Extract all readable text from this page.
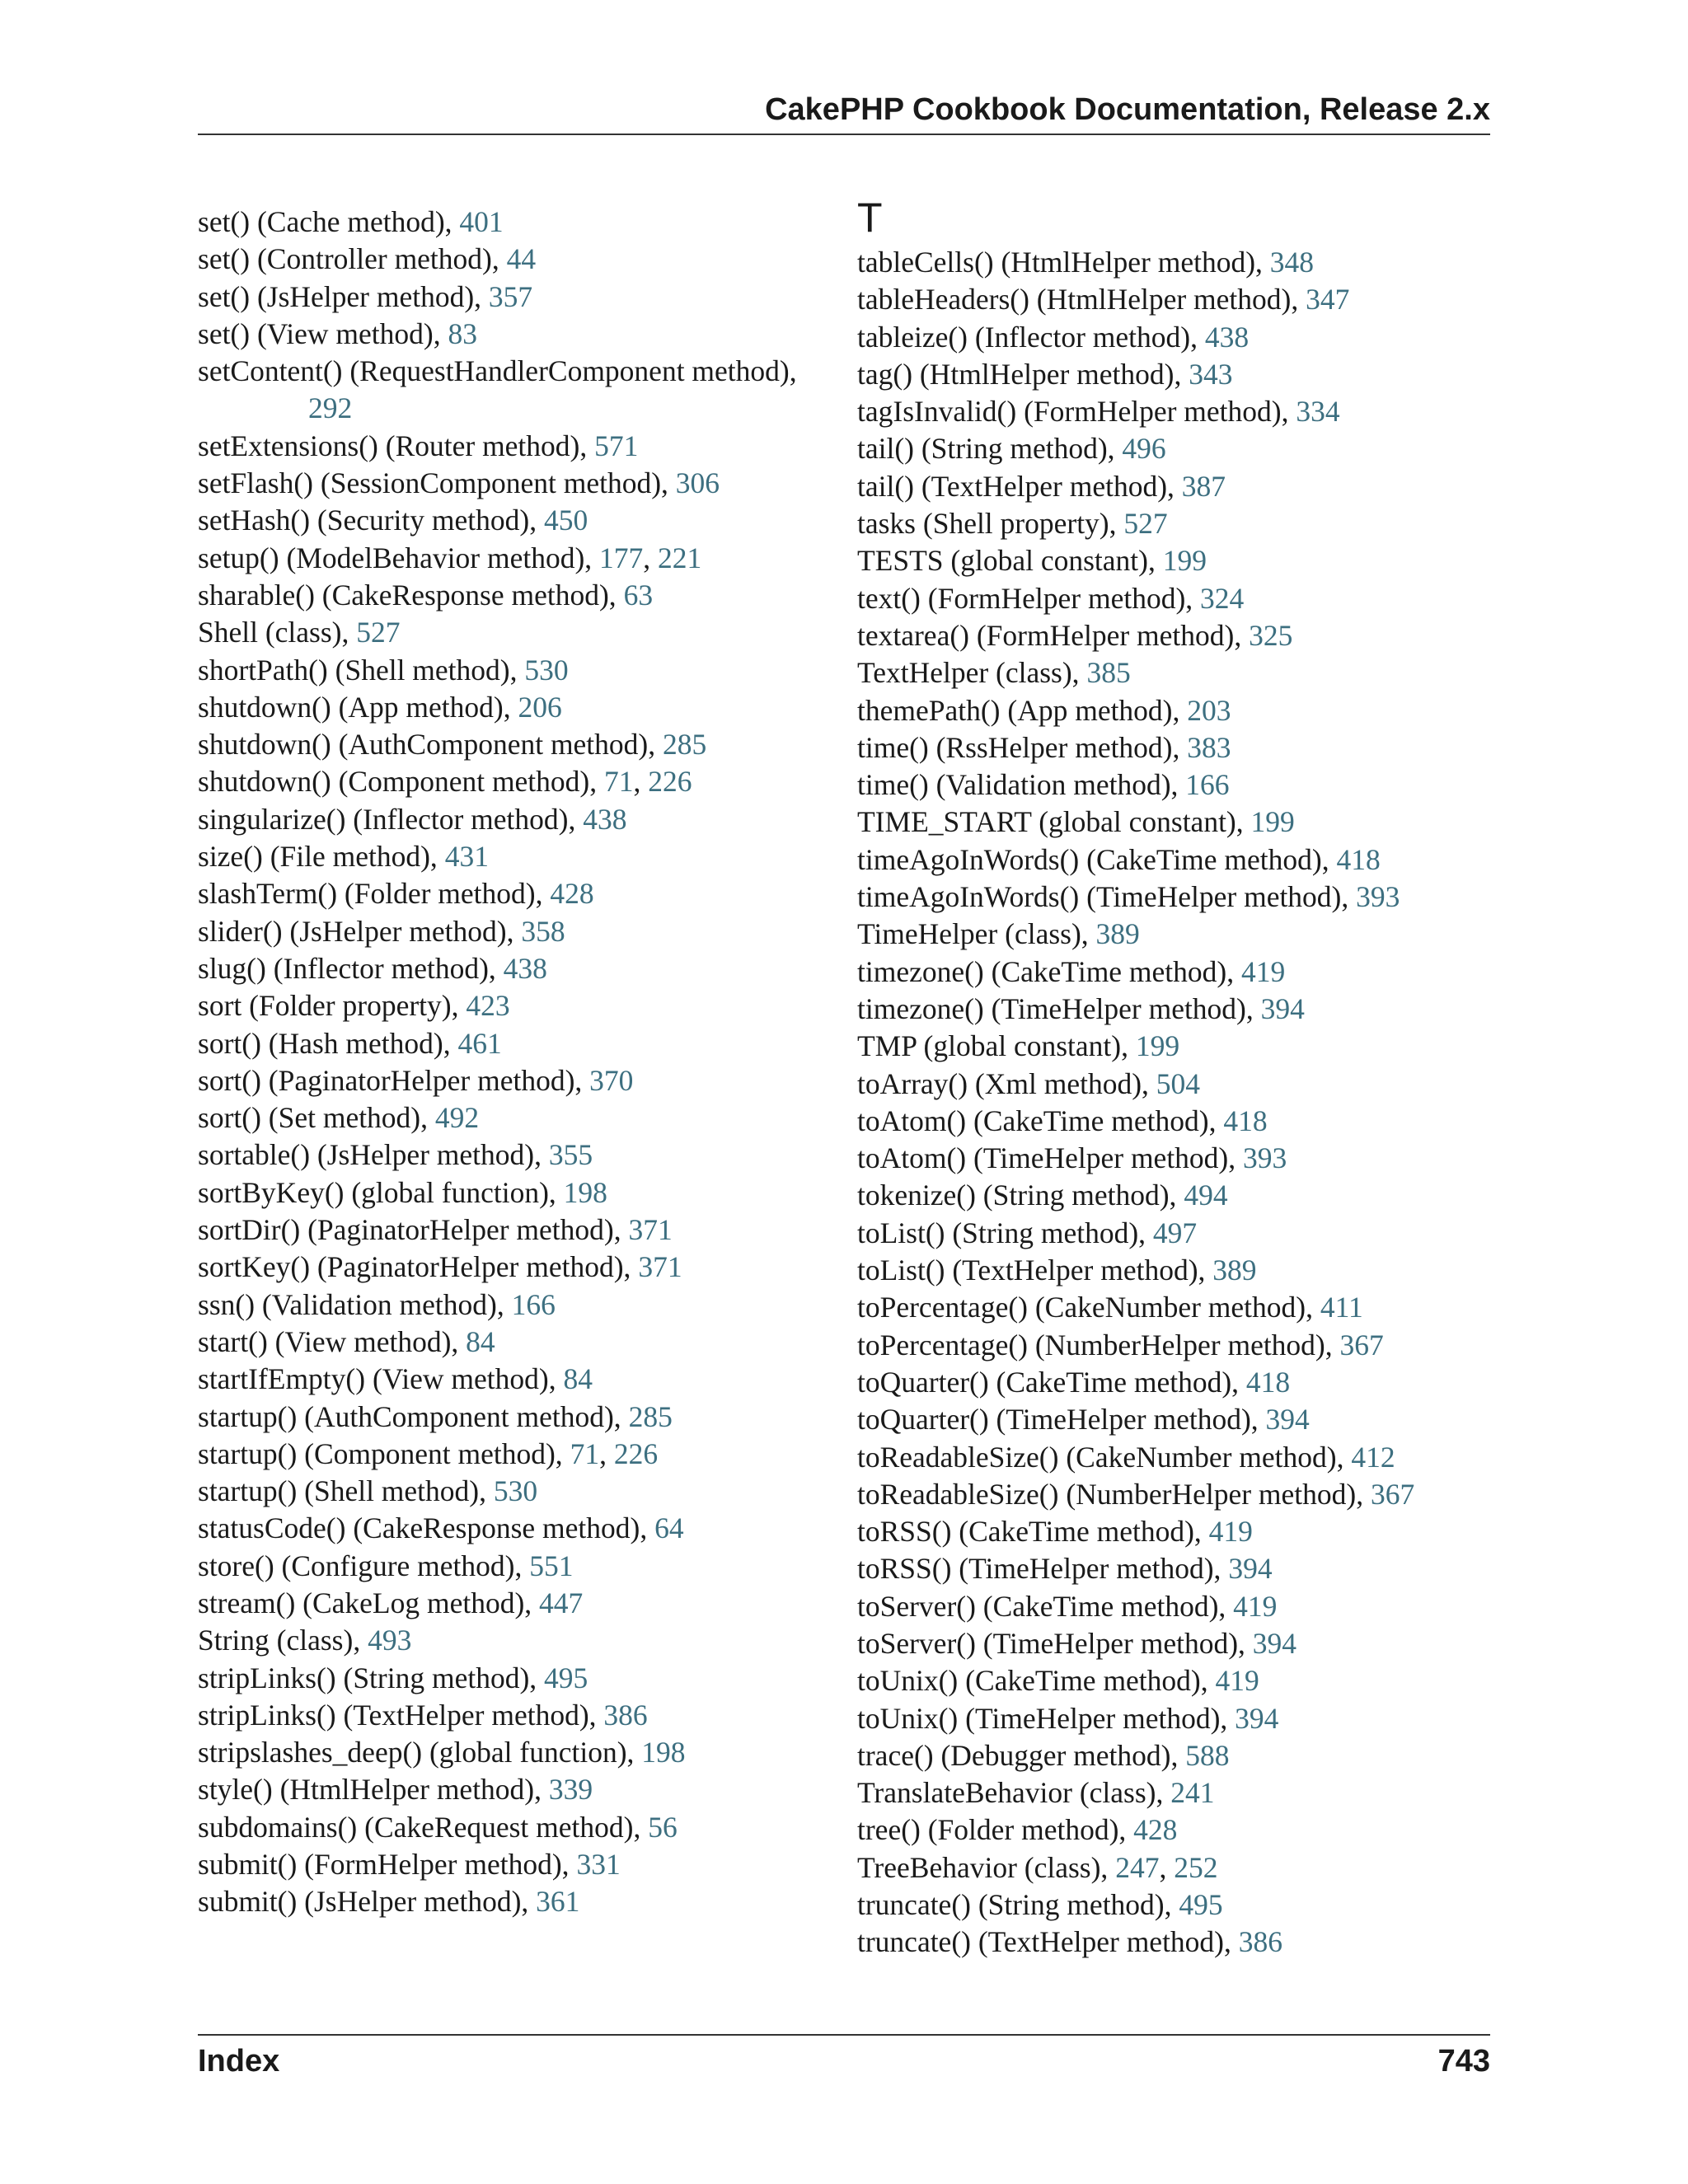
CakePHP Cookbook Documentation, Release 2.x
set() (Cache method), 401
set() (Controller method), 44
set() (JsHelper method), 357
set() (View method), 83
setContent() (RequestHandlerComponent method),
292
setExtensions() (Router method), 571
setFlash() (SessionComponent method), 306
setHash() (Security method), 450
setup() (ModelBehavior method), 177, 221
sharable() (CakeResponse method), 63
Shell (class), 527
shortPath() (Shell method), 530
shutdown() (App method), 206
shutdown() (AuthComponent method), 285
shutdown() (Component method), 71, 226
singularize() (Inflector method), 438
size() (File method), 431
slashTerm() (Folder method), 428
slider() (JsHelper method), 358
slug() (Inflector method), 438
sort (Folder property), 423
sort() (Hash method), 461
sort() (PaginatorHelper method), 370
sort() (Set method), 492
sortable() (JsHelper method), 355
sortByKey() (global function), 198
sortDir() (PaginatorHelper method), 371
sortKey() (PaginatorHelper method), 371
ssn() (Validation method), 166
start() (View method), 84
startIfEmpty() (View method), 84
startup() (AuthComponent method), 285
startup() (Component method), 71, 226
startup() (Shell method), 530
statusCode() (CakeResponse method), 64
store() (Configure method), 551
stream() (CakeLog method), 447
String (class), 493
stripLinks() (String method), 495
stripLinks() (TextHelper method), 386
stripslashes_deep() (global function), 198
style() (HtmlHelper method), 339
subdomains() (CakeRequest method), 56
submit() (FormHelper method), 331
submit() (JsHelper method), 361
T
tableCells() (HtmlHelper method), 348
tableHeaders() (HtmlHelper method), 347
tableize() (Inflector method), 438
tag() (HtmlHelper method), 343
tagIsInvalid() (FormHelper method), 334
tail() (String method), 496
tail() (TextHelper method), 387
tasks (Shell property), 527
TESTS (global constant), 199
text() (FormHelper method), 324
textarea() (FormHelper method), 325
TextHelper (class), 385
themePath() (App method), 203
time() (RssHelper method), 383
time() (Validation method), 166
TIME_START (global constant), 199
timeAgoInWords() (CakeTime method), 418
timeAgoInWords() (TimeHelper method), 393
TimeHelper (class), 389
timezone() (CakeTime method), 419
timezone() (TimeHelper method), 394
TMP (global constant), 199
toArray() (Xml method), 504
toAtom() (CakeTime method), 418
toAtom() (TimeHelper method), 393
tokenize() (String method), 494
toList() (String method), 497
toList() (TextHelper method), 389
toPercentage() (CakeNumber method), 411
toPercentage() (NumberHelper method), 367
toQuarter() (CakeTime method), 418
toQuarter() (TimeHelper method), 394
toReadableSize() (CakeNumber method), 412
toReadableSize() (NumberHelper method), 367
toRSS() (CakeTime method), 419
toRSS() (TimeHelper method), 394
toServer() (CakeTime method), 419
toServer() (TimeHelper method), 394
toUnix() (CakeTime method), 419
toUnix() (TimeHelper method), 394
trace() (Debugger method), 588
TranslateBehavior (class), 241
tree() (Folder method), 428
TreeBehavior (class), 247, 252
truncate() (String method), 495
truncate() (TextHelper method), 386
Index	743
